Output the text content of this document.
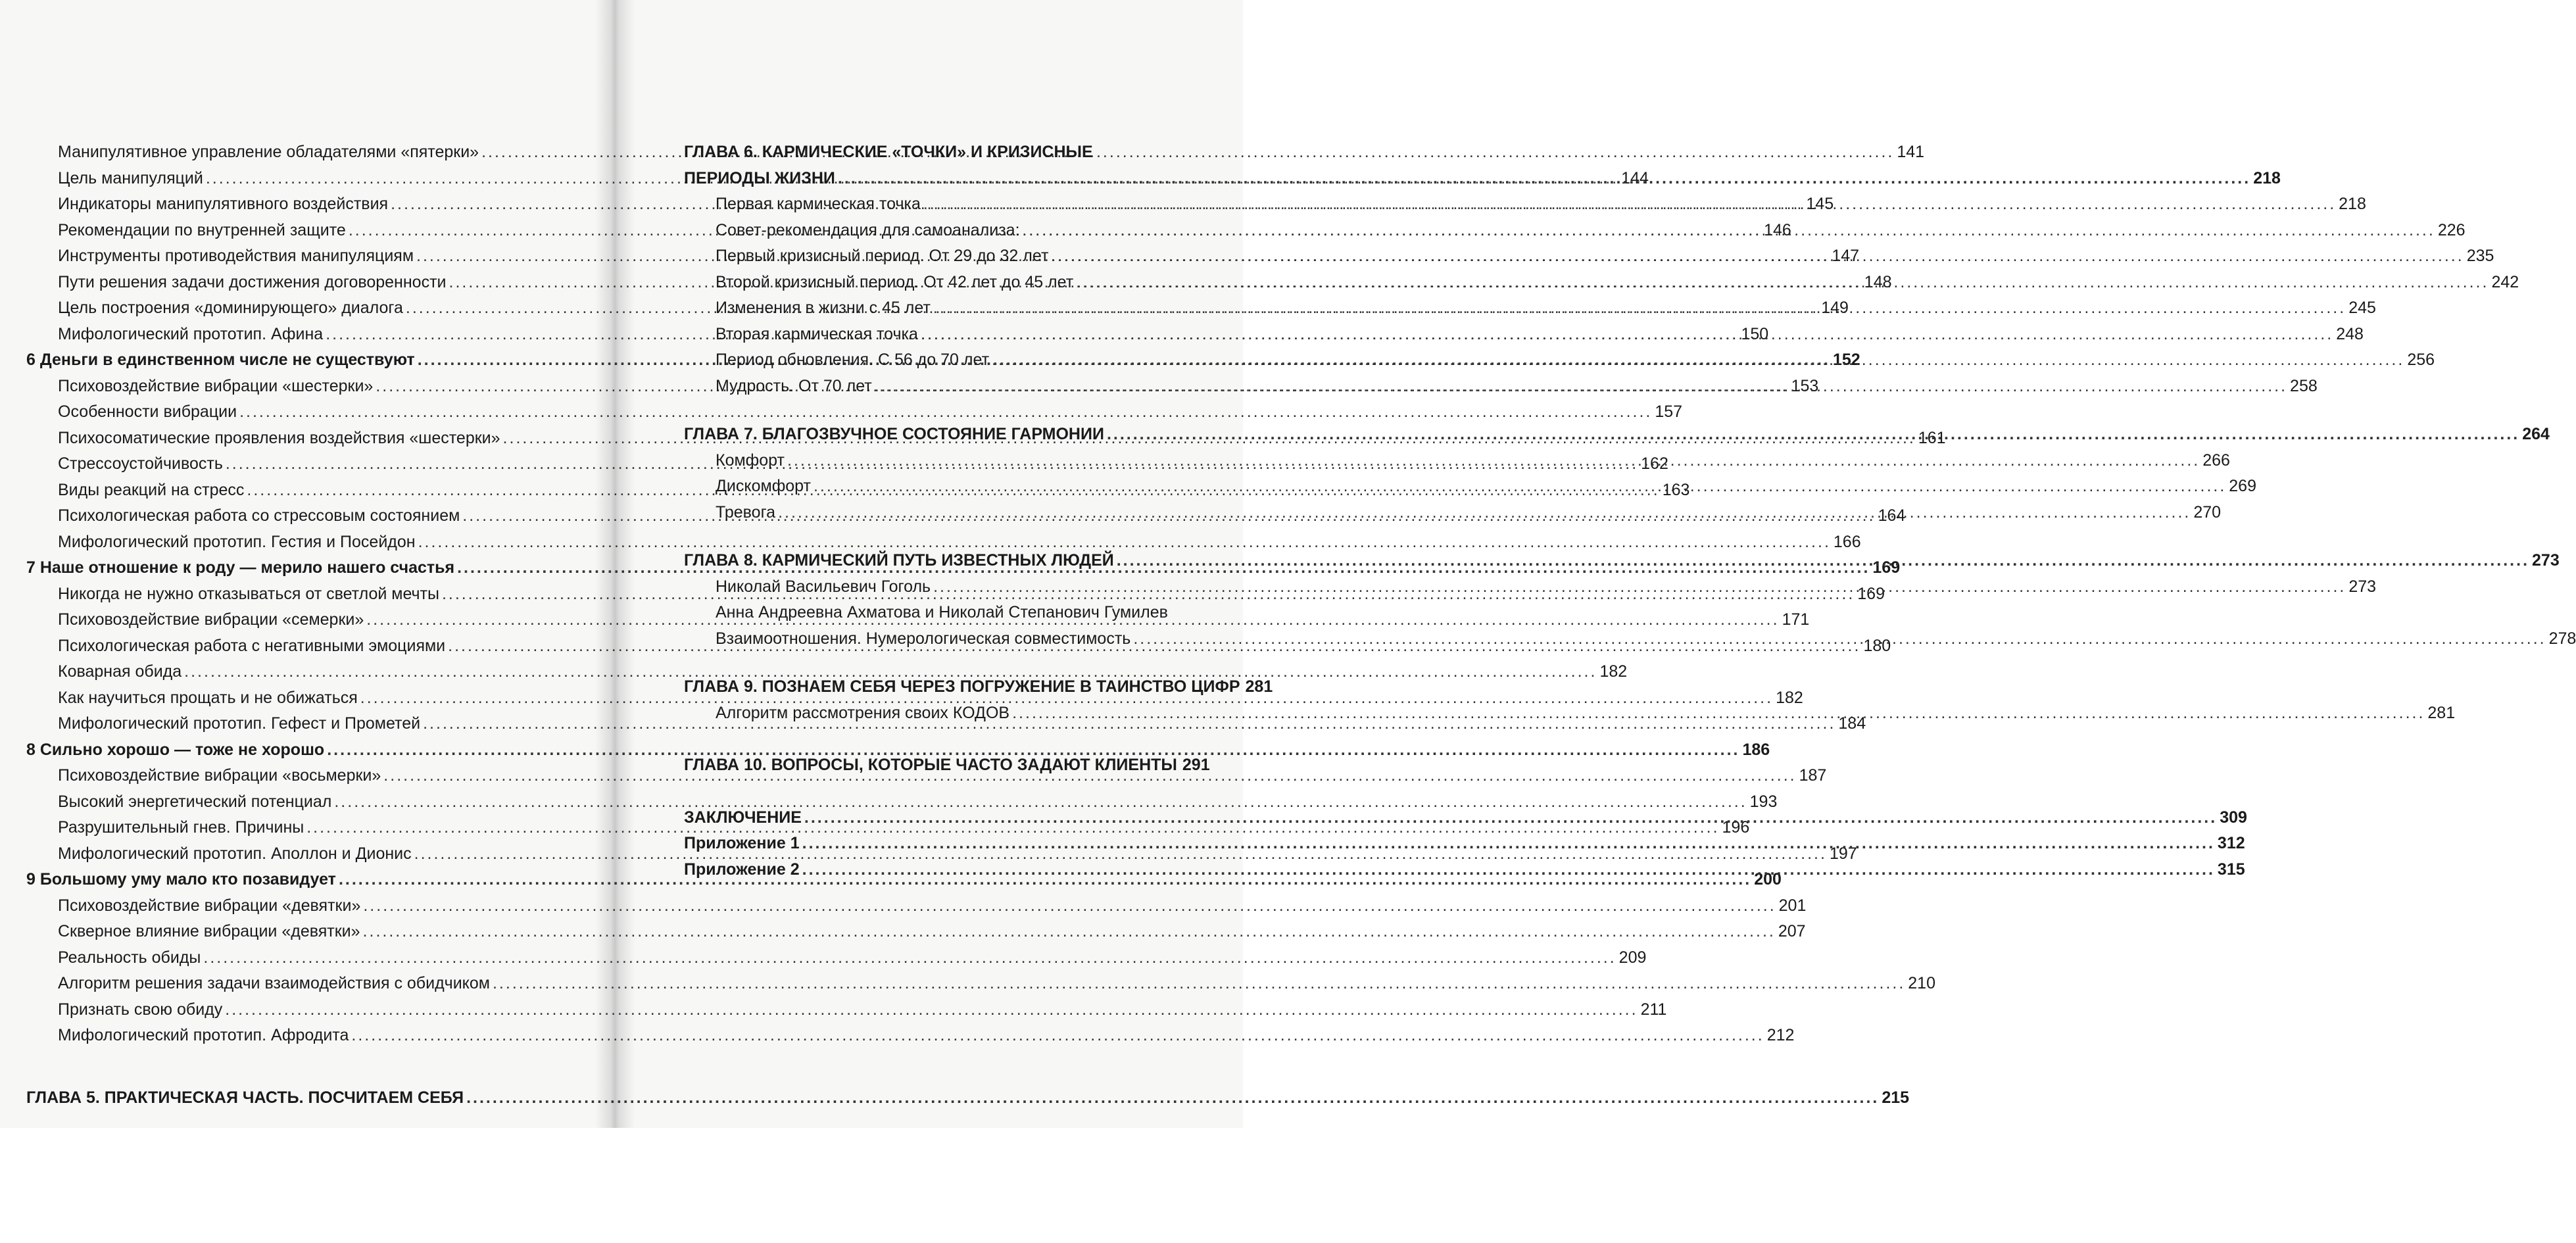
Манипулятивное управление обладателями «пятерки» .....	141
Цель манипуляций .....	144
Индикаторы манипулятивного воздействия .....	145
Рекомендации по внутренней защите .....	146
Инструменты противодействия манипуляциям .....	147
Пути решения задачи достижения договоренности .....	148
Цель построения «доминирующего» диалога .....	149
Мифологический прототип. Афина .....	150
6 Деньги в единственном числе не существуют .....	152
Психовоздействие вибрации «шестерки» .....	153
Особенности вибрации .....	157
Психосоматические проявления воздействия «шестерки» .....	161
Стрессоустойчивость .....	162
Виды реакций на стресс .....	163
Психологическая работа со стрессовым состоянием .....	164
Мифологический прототип. Гестия и Посейдон .....	166
7 Наше отношение к роду — мерило нашего счастья .....	169
Никогда не нужно отказываться от светлой мечты .....	169
Психовоздействие вибрации «семерки» .....	171
Психологическая работа с негативными эмоциями .....	180
Коварная обида .....	182
Как научиться прощать и не обижаться .....	182
Мифологический прототип. Гефест и Прометей .....	184
8 Сильно хорошо — тоже не хорошо .....	186
Психовоздействие вибрации «восьмерки» .....	187
Высокий энергетический потенциал .....	193
Разрушительный гнев. Причины .....	196
Мифологический прототип. Аполлон и Дионис .....	197
9 Большому уму мало кто позавидует .....	200
Психовоздействие вибрации «девятки» .....	201
Скверное влияние вибрации «девятки» .....	207
Реальность обиды .....	209
Алгоритм решения задачи взаимодействия с обидчиком .....	210
Признать свою обиду .....	211
Мифологический прототип. Афродита .....	212
ГЛАВА 5. ПРАКТИЧЕСКАЯ ЧАСТЬ. ПОСЧИТАЕМ СЕБЯ .....	215
ГЛАВА 6. КАРМИЧЕСКИЕ «ТОЧКИ» И КРИЗИСНЫЕ
ПЕРИОДЫ ЖИЗНИ .....	218
Первая кармическая точка .....	218
Совет-рекомендация для самоанализа: .....	226
Первый кризисный период. От 29 до 32 лет .....	235
Второй кризисный период. От 42 лет до 45 лет .....	242
Изменения в жизни с 45 лет .....	245
Вторая кармическая точка .....	248
Период обновления. С 56 до 70 лет .....	256
Мудрость. От 70 лет .....	258
ГЛАВА 7. БЛАГОЗВУЧНОЕ СОСТОЯНИЕ ГАРМОНИИ .....	264
Комфорт .....	266
Дискомфорт .....	269
Тревога .....	270
ГЛАВА 8. КАРМИЧЕСКИЙ ПУТЬ ИЗВЕСТНЫХ ЛЮДЕЙ .....	273
Николай Васильевич Гоголь .....	273
Анна Андреевна Ахматова и Николай Степанович Гумилев
Взаимоотношения. Нумерологическая совместимость .....	278
ГЛАВА 9. ПОЗНАЕМ СЕБЯ ЧЕРЕЗ ПОГРУЖЕНИЕ В ТАИНСТВО ЦИФР 281
Алгоритм рассмотрения своих КОДОВ .....	281
ГЛАВА 10. ВОПРОСЫ, КОТОРЫЕ ЧАСТО ЗАДАЮТ КЛИЕНТЫ 291
ЗАКЛЮЧЕНИЕ .....	309
Приложение 1 .....	312
Приложение 2 .....	315
